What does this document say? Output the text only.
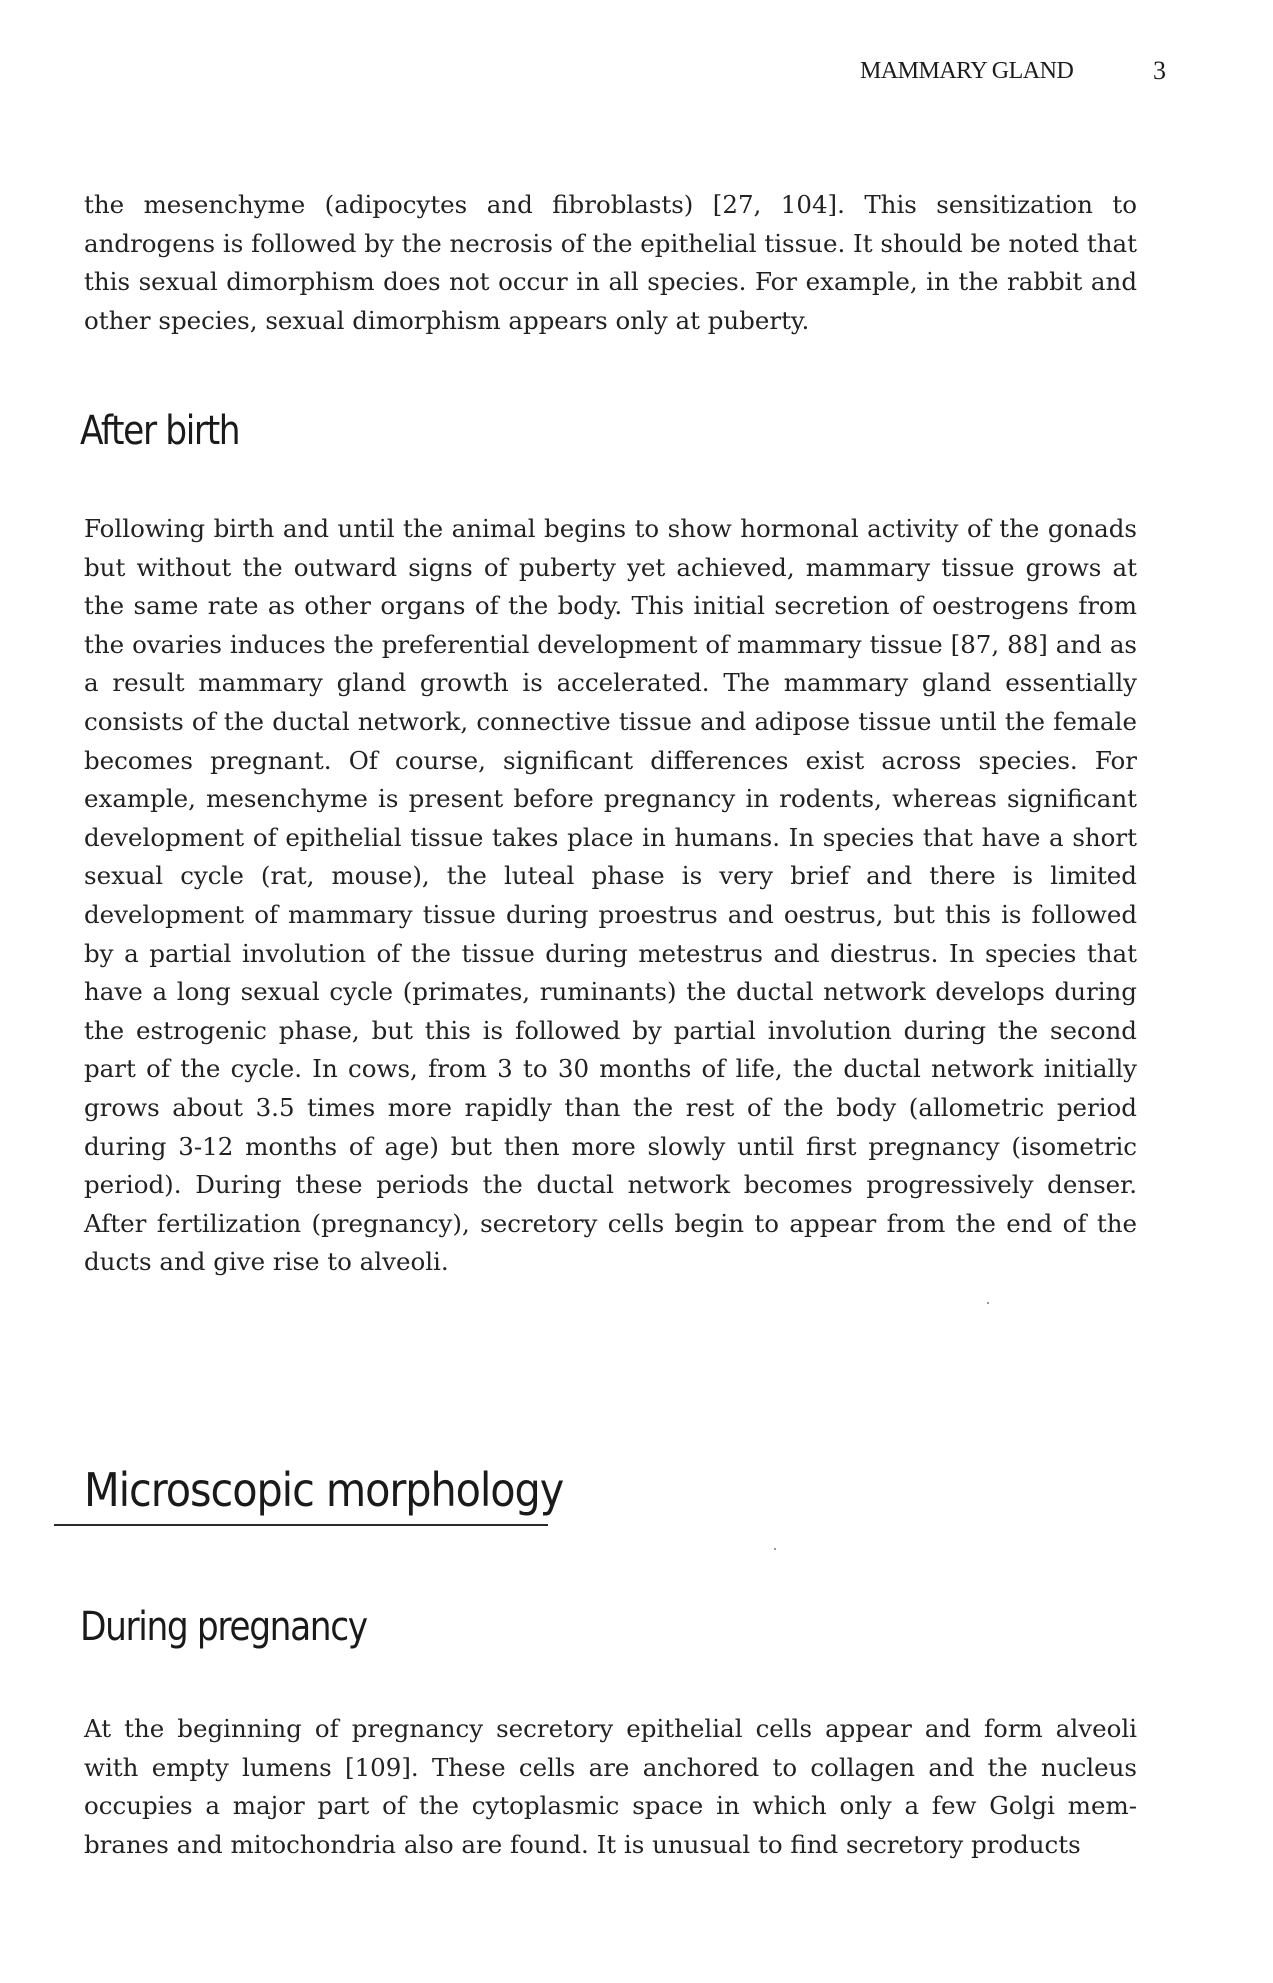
MAMMARY GLAND	3

the mesenchyme (adipocytes and fibroblasts) [27, 104]. This sensitization to androgens is followed by the necrosis of the epithelial tissue. It should be noted that this sexual dimorphism does not occur in all species. For example, in the rabbit and other species, sexual dimorphism appears only at puberty.

After birth

Following birth and until the animal begins to show hormonal activity of the gonads but without the outward signs of puberty yet achieved, mammary tissue grows at the same rate as other organs of the body. This initial secretion of oestrogens from the ovaries induces the preferential development of mammary tissue [87, 88] and as a result mammary gland growth is accelerated. The mammary gland essentially consists of the ductal network, connective tissue and adipose tissue until the female becomes pregnant. Of course, significant differences exist across species. For example, mesenchyme is present before pregnancy in rodents, whereas significant development of epithelial tissue takes place in humans. In species that have a short sexual cycle (rat, mouse), the luteal phase is very brief and there is limited development of mammary tissue during proestrus and oestrus, but this is followed by a partial involution of the tissue during metestrus and diestrus. In species that have a long sexual cycle (primates, ruminants) the ductal network develops during the estrogenic phase, but this is followed by partial involution during the second part of the cycle. In cows, from 3 to 30 months of life, the ductal network initially grows about 3.5 times more rapidly than the rest of the body (allometric period during 3-12 months of age) but then more slowly until first pregnancy (isometric period). During these periods the ductal network becomes progressively denser. After fertilization (pregnancy), secretory cells begin to appear from the end of the ducts and give rise to alveoli.

Microscopic morphology
During pregnancy

At the beginning of pregnancy secretory epithelial cells appear and form alveoli with empty lumens [109]. These cells are anchored to collagen and the nucleus occupies a major part of the cytoplasmic space in which only a few Golgi membranes and mitochondria also are found. It is unusual to find secretory products
